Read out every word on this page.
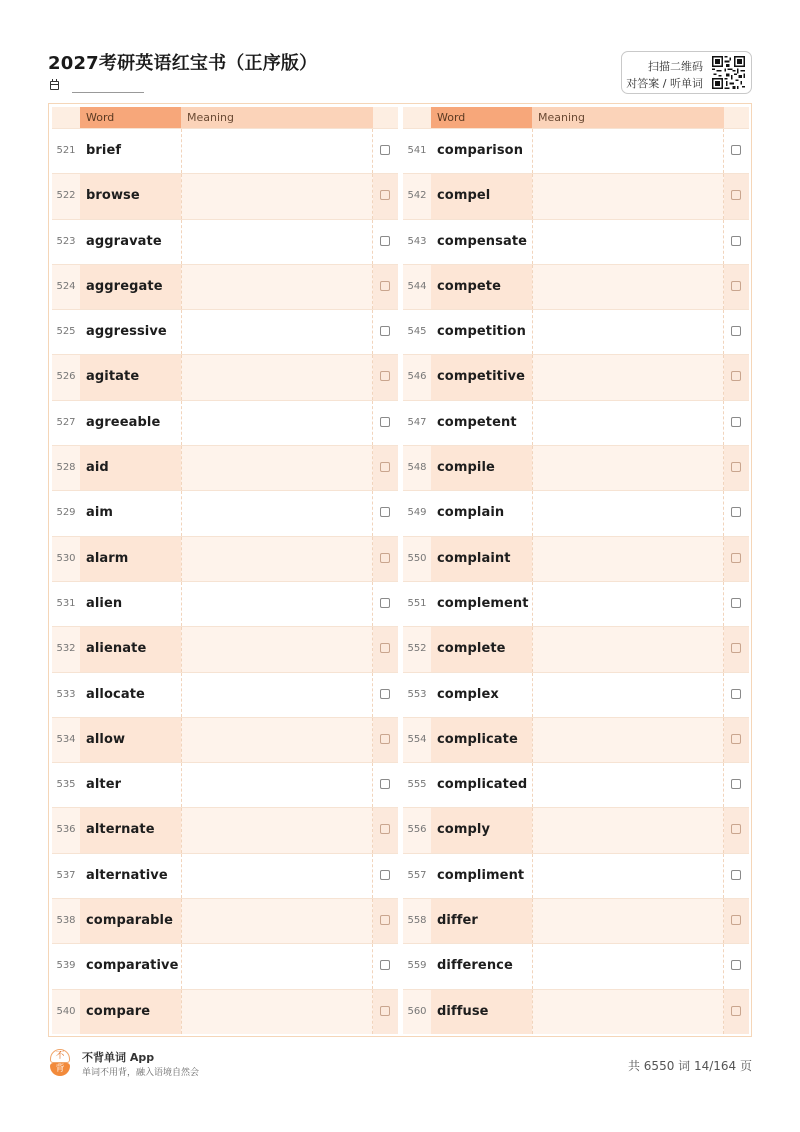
2027考研英语红宝书（正序版）	扫描二维码
对答案 / 听单词
Word	Meaning
521 brief
522 browse
523 aggravate
524 aggregate
525 aggressive
526 agitate
527 agreeable
528 aid
529 aim
530 alarm
531 alien
532 alienate
533 allocate
534 allow
535 alter
536 alternate
537 alternative
538 comparable
539 comparative
540 compare
Word	Meaning
541 comparison
542 compel
543 compensate
544 compete
545 competition
546 competitive
547 competent
548 compile
549 complain
550 complaint
551 complement
552 complete
553 complex
554 complicate
555 complicated
556 comply
557 compliment
558 differ
559 difference
560 diffuse
不
背
不背单词 App
单词不用背，融入语境自然会	共 6550 词 14/164 页
